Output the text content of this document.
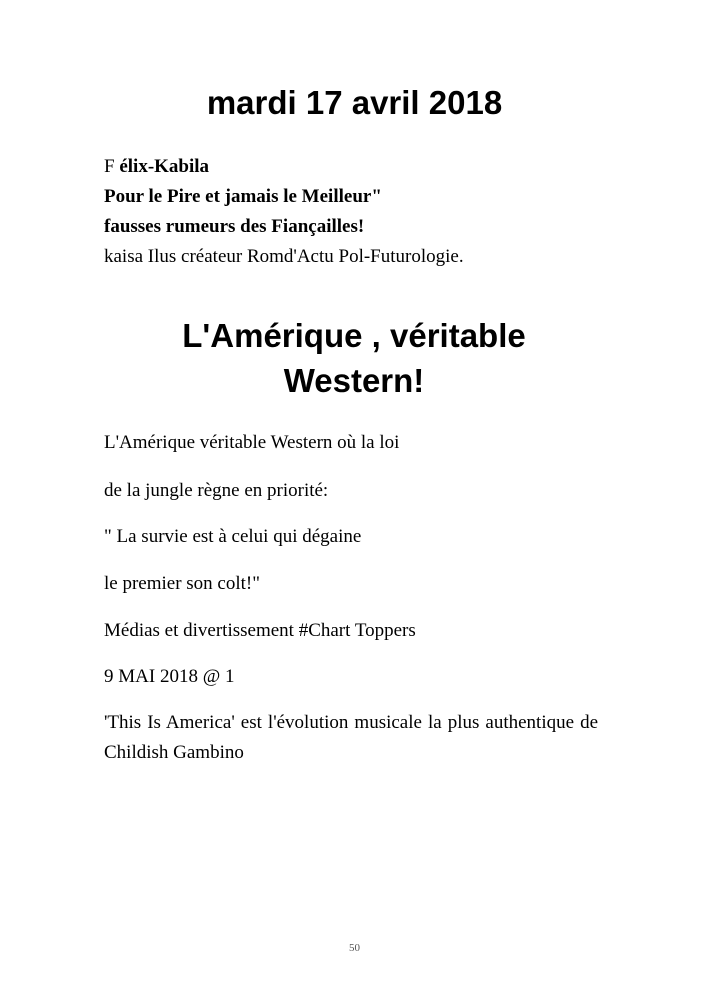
mardi 17 avril 2018
F élix-Kabila
Pour le Pire et jamais le Meilleur"
fausses rumeurs des Fiançailles!
kaisa Ilus créateur Romd'Actu Pol-Futurologie.
L'Amérique , véritable
Western!
L'Amérique véritable Western où la loi
de la jungle règne en priorité:
" La survie est à celui qui dégaine
le premier son colt!"
Médias et divertissement #Chart Toppers
9 MAI 2018 @ 1
'This Is America' est l'évolution musicale la plus authentique de Childish Gambino
50
